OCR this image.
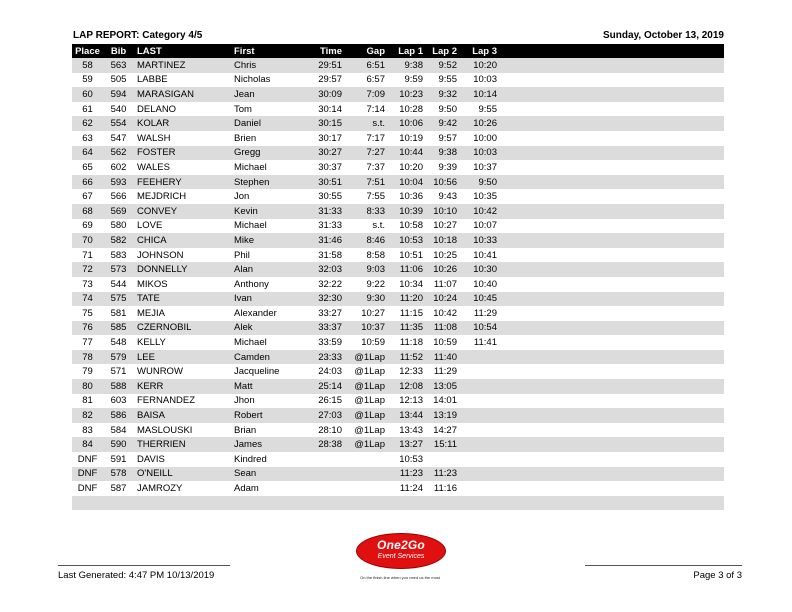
LAP REPORT: Category 4/5	Sunday, October 13, 2019
Place	Bib	LAST	First	Time	Gap	Lap 1	Lap 2	Lap 3	
58	563	MARTINEZ	Chris	29:51	6:51	9:38	9:52	10:20	
59	505	LABBE	Nicholas	29:57	6:57	9:59	9:55	10:03	
60	594	MARASIGAN	Jean	30:09	7:09	10:23	9:32	10:14	
61	540	DELANO	Tom	30:14	7:14	10:28	9:50	9:55	
62	554	KOLAR	Daniel	30:15	s.t.	10:06	9:42	10:26	
63	547	WALSH	Brien	30:17	7:17	10:19	9:57	10:00	
64	562	FOSTER	Gregg	30:27	7:27	10:44	9:38	10:03	
65	602	WALES	Michael	30:37	7:37	10:20	9:39	10:37	
66	593	FEEHERY	Stephen	30:51	7:51	10:04	10:56	9:50	
67	566	MEJDRICH	Jon	30:55	7:55	10:36	9:43	10:35	
68	569	CONVEY	Kevin	31:33	8:33	10:39	10:10	10:42	
69	580	LOVE	Michael	31:33	s.t.	10:58	10:27	10:07	
70	582	CHICA	Mike	31:46	8:46	10:53	10:18	10:33	
71	583	JOHNSON	Phil	31:58	8:58	10:51	10:25	10:41	
72	573	DONNELLY	Alan	32:03	9:03	11:06	10:26	10:30	
73	544	MIKOS	Anthony	32:22	9:22	10:34	11:07	10:40	
74	575	TATE	Ivan	32:30	9:30	11:20	10:24	10:45	
75	581	MEJIA	Alexander	33:27	10:27	11:15	10:42	11:29	
76	585	CZERNOBIL	Alek	33:37	10:37	11:35	11:08	10:54	
77	548	KELLY	Michael	33:59	10:59	11:18	10:59	11:41	
78	579	LEE	Camden	23:33	@1Lap	11:52	11:40		
79	571	WUNROW	Jacqueline	24:03	@1Lap	12:33	11:29		
80	588	KERR	Matt	25:14	@1Lap	12:08	13:05		
81	603	FERNANDEZ	Jhon	26:15	@1Lap	12:13	14:01		
82	586	BAISA	Robert	27:03	@1Lap	13:44	13:19		
83	584	MASLOUSKI	Brian	28:10	@1Lap	13:43	14:27		
84	590	THERRIEN	James	28:38	@1Lap	13:27	15:11		
DNF	591	DAVIS	Kindred			10:53			
DNF	578	O'NEILL	Sean			11:23	11:23		
DNF	587	JAMROZY	Adam			11:24	11:16		

Last Generated: 4:47 PM 10/13/2019	Page 3 of 3
One2Go
Event Services
On the finish line when you need us the most
